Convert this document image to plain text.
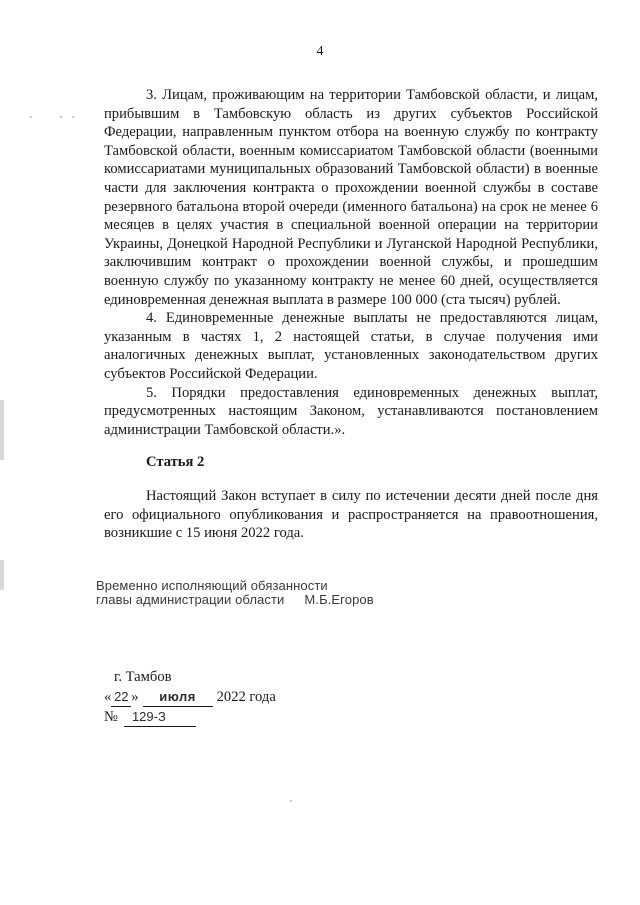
4

3. Лицам, проживающим на территории Тамбовской области, и лицам, прибывшим в Тамбовскую область из других субъектов Российской Федерации, направленным пунктом отбора на военную службу по контракту Тамбовской области, военным комиссариатом Тамбовской области (военными комиссариатами муниципальных образований Тамбовской области) в военные части для заключения контракта о прохождении военной службы в составе резервного батальона второй очереди (именного батальона) на срок не менее 6 месяцев в целях участия в специальной военной операции на территории Украины, Донецкой Народной Республики и Луганской Народной Республики, заключившим контракт о прохождении военной службы, и прошедшим военную службу по указанному контракту не менее 60 дней, осуществляется единовременная денежная выплата в размере 100 000 (ста тысяч) рублей.

4. Единовременные денежные выплаты не предоставляются лицам, указанным в частях 1, 2 настоящей статьи, в случае получения ими аналогичных денежных выплат, установленных законодательством других субъектов Российской Федерации.

5. Порядки предоставления единовременных денежных выплат, предусмотренных настоящим Законом, устанавливаются постановлением администрации Тамбовской области.».

Статья 2

Настоящий Закон вступает в силу по истечении десяти дней после дня его официального опубликования и распространяется на правоотношения, возникшие с 15 июня 2022 года.

Временно исполняющий обязанности
главы администрации области М.Б.Егоров
г. Тамбов
« 22 » июля 2022 года
№ 129-З
